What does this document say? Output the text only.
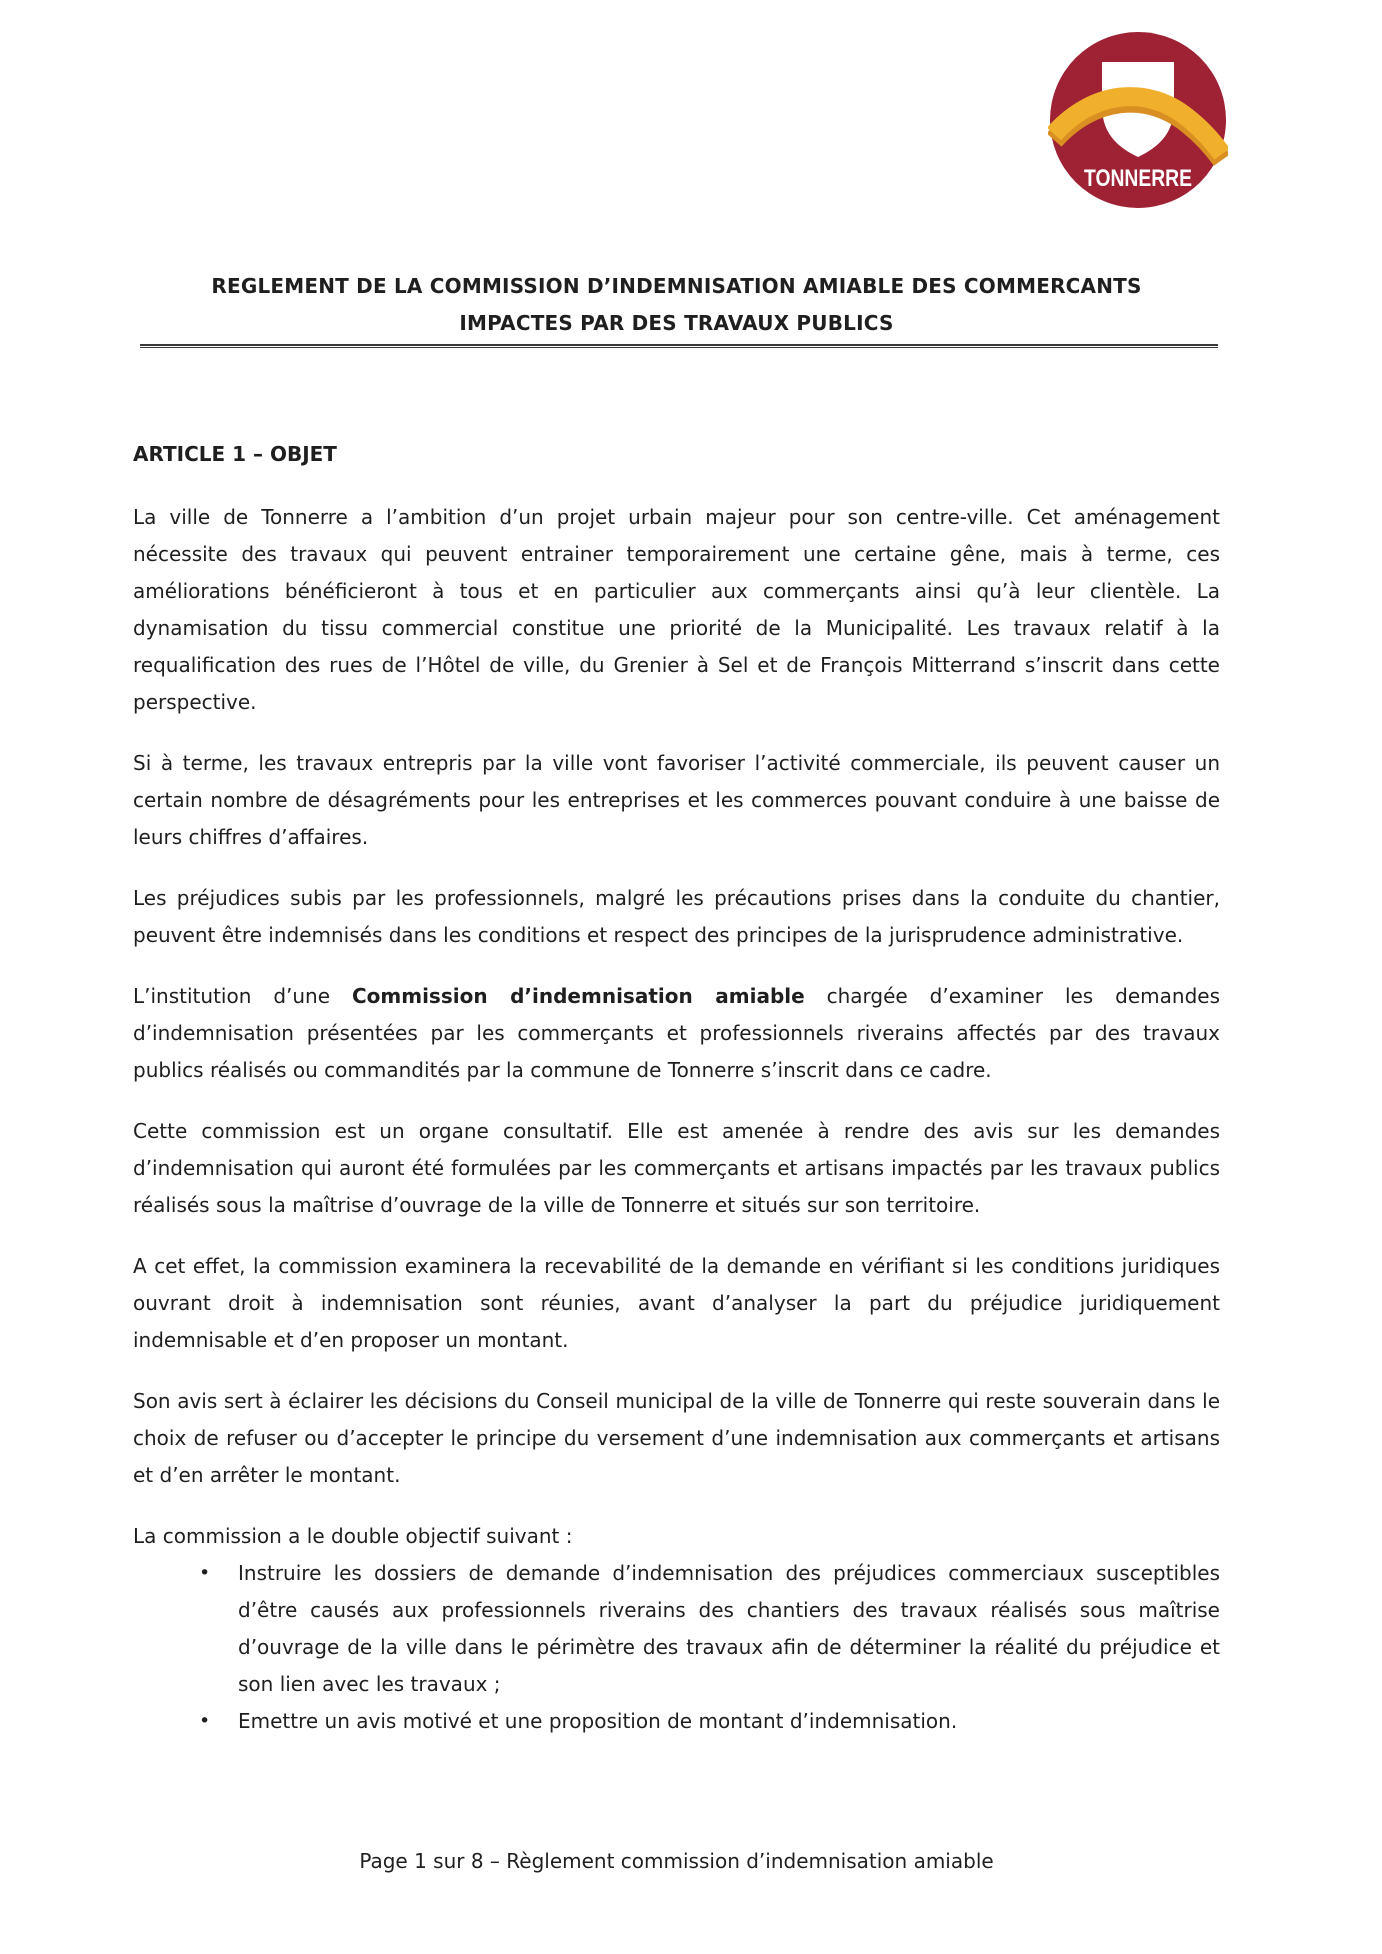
TONNERRE
REGLEMENT DE LA COMMISSION D’INDEMNISATION AMIABLE DES COMMERCANTS
IMPACTES PAR DES TRAVAUX PUBLICS
ARTICLE 1 – OBJET

La ville de Tonnerre a l’ambition d’un projet urbain majeur pour son centre-ville. Cet aménagement nécessite des travaux qui peuvent entrainer temporairement une certaine gêne, mais à terme, ces améliorations bénéficieront à tous et en particulier aux commerçants ainsi qu’à leur clientèle. La dynamisation du tissu commercial constitue une priorité de la Municipalité. Les travaux relatif à la requalification des rues de l’Hôtel de ville, du Grenier à Sel et de François Mitterrand s’inscrit dans cette perspective.

Si à terme, les travaux entrepris par la ville vont favoriser l’activité commerciale, ils peuvent causer un certain nombre de désagréments pour les entreprises et les commerces pouvant conduire à une baisse de leurs chiffres d’affaires.

Les préjudices subis par les professionnels, malgré les précautions prises dans la conduite du chantier, peuvent être indemnisés dans les conditions et respect des principes de la jurisprudence administrative.

L’institution d’une Commission d’indemnisation amiable chargée d’examiner les demandes d’indemnisation présentées par les commerçants et professionnels riverains affectés par des travaux publics réalisés ou commandités par la commune de Tonnerre s’inscrit dans ce cadre.

Cette commission est un organe consultatif. Elle est amenée à rendre des avis sur les demandes d’indemnisation qui auront été formulées par les commerçants et artisans impactés par les travaux publics réalisés sous la maîtrise d’ouvrage de la ville de Tonnerre et situés sur son territoire.

A cet effet, la commission examinera la recevabilité de la demande en vérifiant si les conditions juridiques ouvrant droit à indemnisation sont réunies, avant d’analyser la part du préjudice juridiquement indemnisable et d’en proposer un montant.

Son avis sert à éclairer les décisions du Conseil municipal de la ville de Tonnerre qui reste souverain dans le choix de refuser ou d’accepter le principe du versement d’une indemnisation aux commerçants et artisans et d’en arrêter le montant.

La commission a le double objectif suivant :

• Instruire les dossiers de demande d’indemnisation des préjudices commerciaux susceptibles d’être causés aux professionnels riverains des chantiers des travaux réalisés sous maîtrise d’ouvrage de la ville dans le périmètre des travaux afin de déterminer la réalité du préjudice et son lien avec les travaux ;
• Emettre un avis motivé et une proposition de montant d’indemnisation.
Page 1 sur 8 – Règlement commission d’indemnisation amiable
